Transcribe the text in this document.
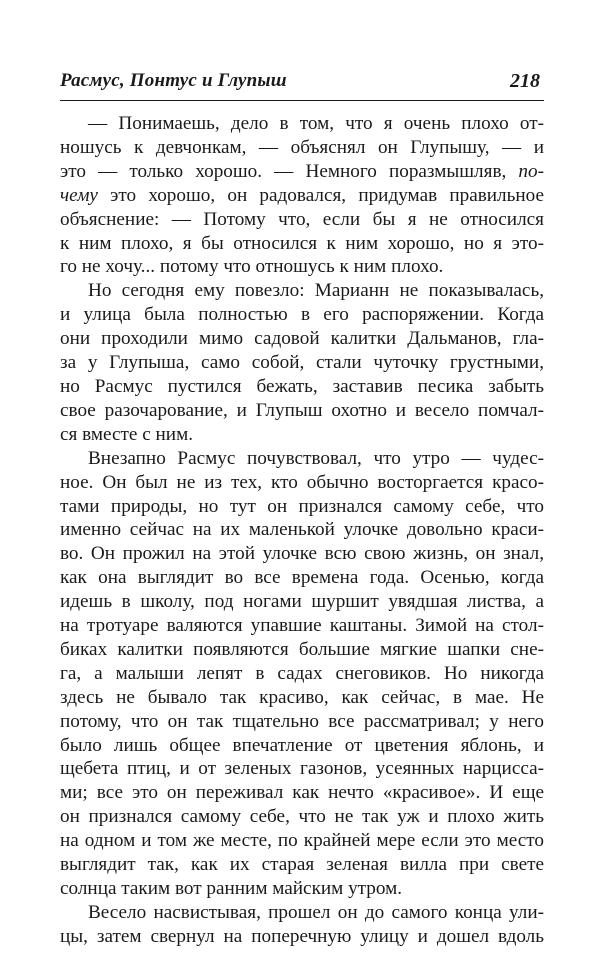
Расмус, Понтус и Глупыш	218
— Понимаешь, дело в том, что я очень плохо от-
ношусь к девчонкам, — объяснял он Глупышу, — и
это — только хорошо. — Немного поразмышляв, по-
чему это хорошо, он радовался, придумав правильное
объяснение: — Потому что, если бы я не относился
к ним плохо, я бы относился к ним хорошо, но я это-
го не хочу... потому что отношусь к ним плохо.
Но сегодня ему повезло: Марианн не показывалась,
и улица была полностью в его распоряжении. Когда
они проходили мимо садовой калитки Дальманов, гла-
за у Глупыша, само собой, стали чуточку грустными,
но Расмус пустился бежать, заставив песика забыть
свое разочарование, и Глупыш охотно и весело помчал-
ся вместе с ним.
Внезапно Расмус почувствовал, что утро — чудес-
ное. Он был не из тех, кто обычно восторгается красо-
тами природы, но тут он признался самому себе, что
именно сейчас на их маленькой улочке довольно краси-
во. Он прожил на этой улочке всю свою жизнь, он знал,
как она выглядит во все времена года. Осенью, когда
идешь в школу, под ногами шуршит увядшая листва, а
на тротуаре валяются упавшие каштаны. Зимой на стол-
биках калитки появляются большие мягкие шапки сне-
га, а малыши лепят в садах снеговиков. Но никогда
здесь не бывало так красиво, как сейчас, в мае. Не
потому, что он так тщательно все рассматривал; у него
было лишь общее впечатление от цветения яблонь, и
щебета птиц, и от зеленых газонов, усеянных нарцисса-
ми; все это он переживал как нечто «красивое». И еще
он признался самому себе, что не так уж и плохо жить
на одном и том же месте, по крайней мере если это место
выглядит так, как их старая зеленая вилла при свете
солнца таким вот ранним майским утром.
Весело насвистывая, прошел он до самого конца ули-
цы, затем свернул на поперечную улицу и дошел вдоль
